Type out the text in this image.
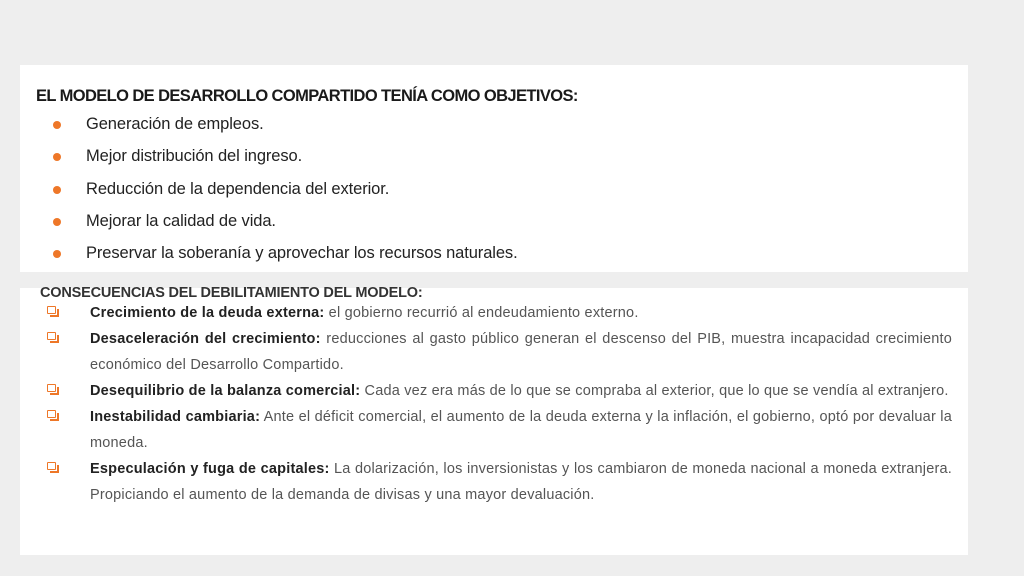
EL MODELO DE DESARROLLO COMPARTIDO TENÍA COMO OBJETIVOS:
Generación de empleos.
Mejor distribución del ingreso.
Reducción de la dependencia del exterior.
Mejorar la calidad de vida.
Preservar la soberanía y aprovechar los recursos naturales.
CONSECUENCIAS DEL DEBILITAMIENTO DEL MODELO:

Crecimiento de la deuda externa: el gobierno recurrió al endeudamiento externo.

Desaceleración del crecimiento: reducciones al gasto público generan el descenso del PIB, muestra incapacidad crecimiento económico del Desarrollo Compartido.

Desequilibrio de la balanza comercial: Cada vez era más de lo que se compraba al exterior, que lo que se vendía al extranjero.

Inestabilidad cambiaria: Ante el déficit comercial, el aumento de la deuda externa y la inflación, el gobierno, optó por devaluar la moneda.

Especulación y fuga de capitales: La dolarización, los inversionistas y los cambiaron de moneda nacional a moneda extranjera. Propiciando el aumento de la demanda de divisas y una mayor devaluación.
